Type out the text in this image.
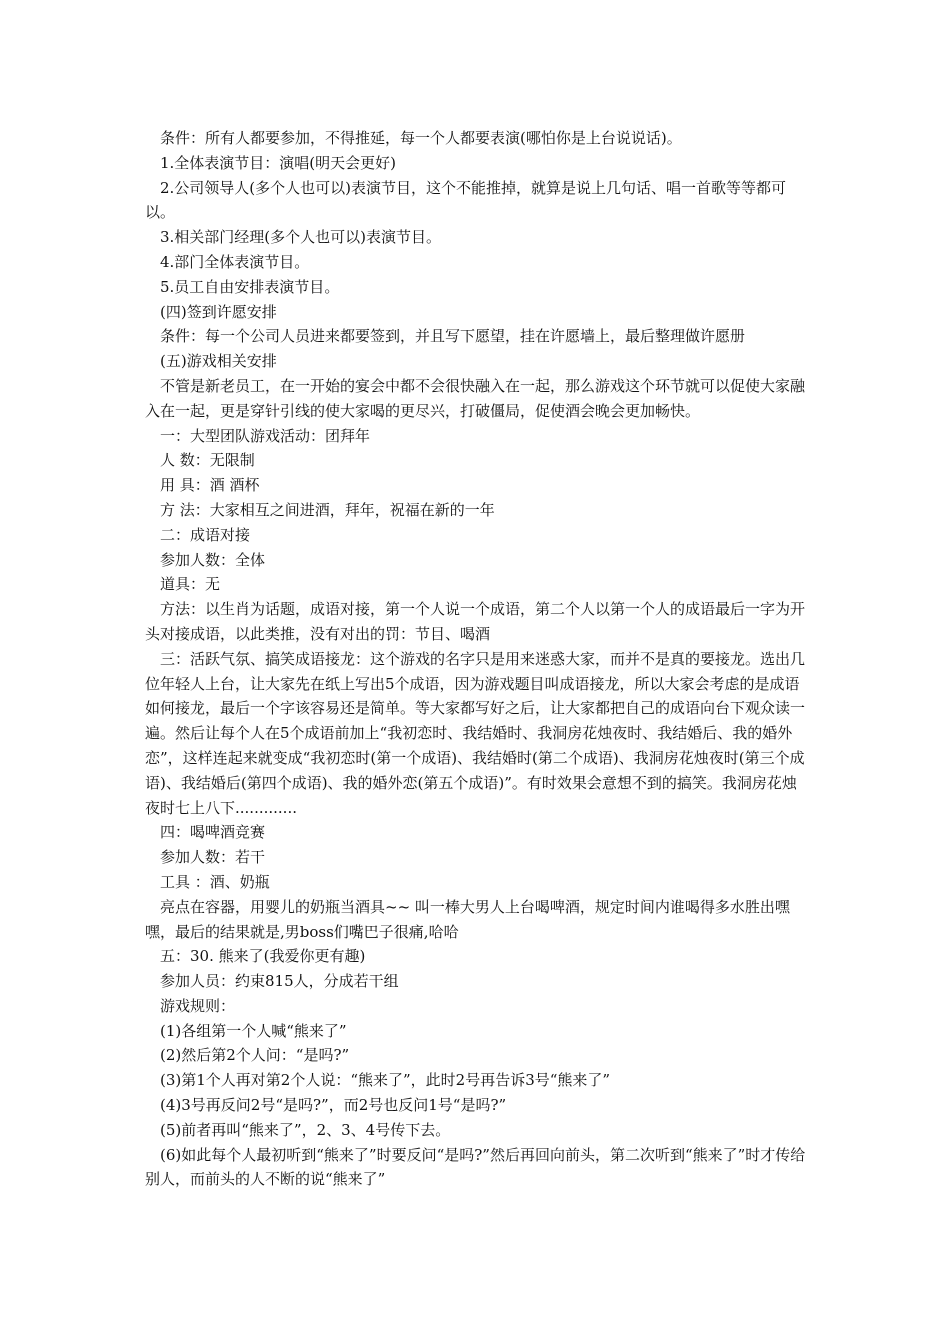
条件：所有人都要参加，不得推延，每一个人都要表演(哪怕你是上台说说话)。

1.全体表演节目：演唱(明天会更好)

2.公司领导人(多个人也可以)表演节目，这个不能推掉，就算是说上几句话、唱一首歌等等都可以。

3.相关部门经理(多个人也可以)表演节目。

4.部门全体表演节目。

5.员工自由安排表演节目。

(四)签到许愿安排

条件：每一个公司人员进来都要签到，并且写下愿望，挂在许愿墙上，最后整理做许愿册

(五)游戏相关安排

不管是新老员工，在一开始的宴会中都不会很快融入在一起，那么游戏这个环节就可以促使大家融入在一起，更是穿针引线的使大家喝的更尽兴，打破僵局，促使酒会晚会更加畅快。

一：大型团队游戏活动：团拜年

人 数：无限制

用 具：酒 酒杯

方 法：大家相互之间进酒，拜年，祝福在新的一年

二：成语对接

参加人数：全体

道具：无

方法：以生肖为话题，成语对接，第一个人说一个成语，第二个人以第一个人的成语最后一字为开头对接成语，以此类推，没有对出的罚：节目、喝酒

三：活跃气氛、搞笑成语接龙：这个游戏的名字只是用来迷惑大家，而并不是真的要接龙。选出几位年轻人上台，让大家先在纸上写出5个成语，因为游戏题目叫成语接龙，所以大家会考虑的是成语如何接龙，最后一个字该容易还是简单。等大家都写好之后，让大家都把自己的成语向台下观众读一遍。然后让每个人在5个成语前加上“我初恋时、我结婚时、我洞房花烛夜时、我结婚后、我的婚外恋”，这样连起来就变成“我初恋时(第一个成语)、我结婚时(第二个成语)、我洞房花烛夜时(第三个成语)、我结婚后(第四个成语)、我的婚外恋(第五个成语)”。有时效果会意想不到的搞笑。我洞房花烛夜时七上八下.............

四：喝啤酒竞赛

参加人数：若干

工具 ：酒、奶瓶

亮点在容器，用婴儿的奶瓶当酒具~~ 叫一棒大男人上台喝啤酒，规定时间内谁喝得多水胜出嘿嘿，最后的结果就是,男boss们嘴巴子很痛,哈哈

五：30. 熊来了(我爱你更有趣)

参加人员：约束815人，分成若干组

游戏规则：

(1)各组第一个人喊“熊来了”

(2)然后第2个人问：“是吗?”

(3)第1个人再对第2个人说：“熊来了”，此时2号再告诉3号“熊来了”

(4)3号再反问2号“是吗?”，而2号也反问1号“是吗?”

(5)前者再叫“熊来了”，2、3、4号传下去。

(6)如此每个人最初听到“熊来了”时要反问“是吗?”然后再回向前头，第二次听到“熊来了”时才传给别人，而前头的人不断的说“熊来了”
